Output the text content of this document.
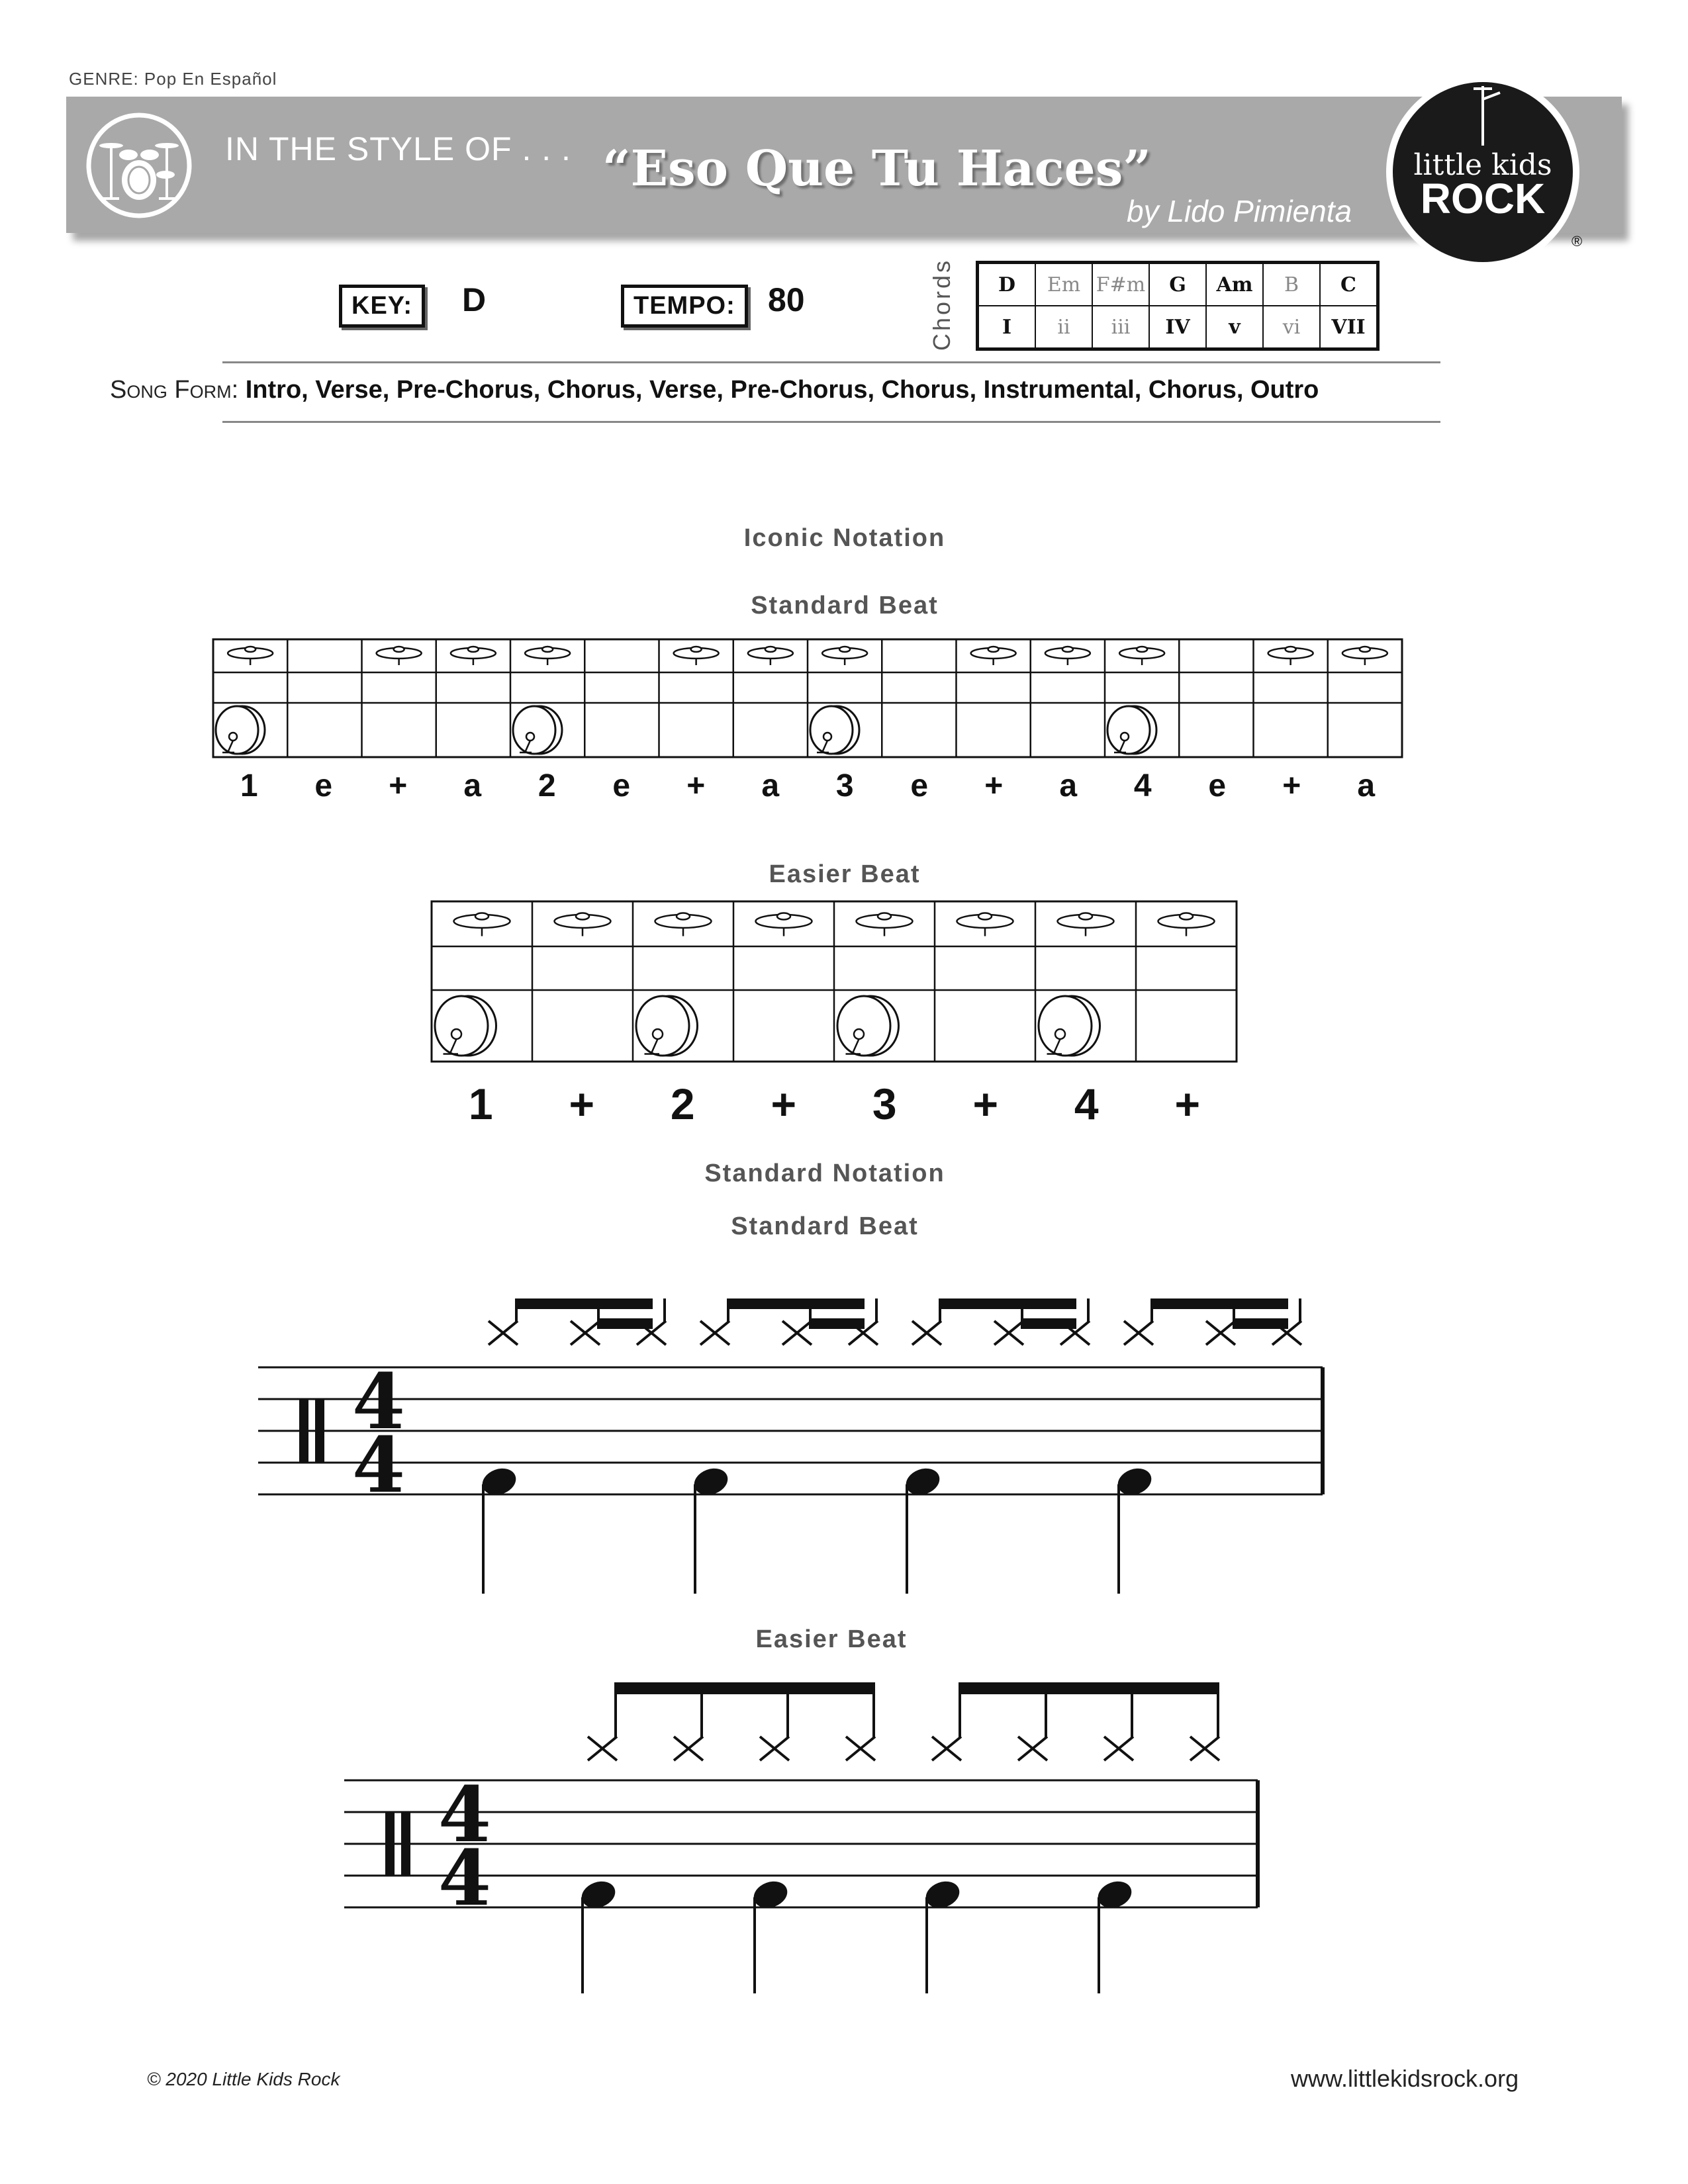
GENRE: Pop En Español
IN THE STYLE OF . . . “Eso Que Tu Haces”
by Lido Pimienta
little kids
ROCK
®
KEY:	D	TEMPO: 80	Chords D	Em	F#m	G	Am	B	C
I	ii	iii	IV	v	vi	VII
Song Form: Intro, Verse, Pre-Chorus, Chorus, Verse, Pre-Chorus, Chorus, Instrumental, Chorus, Outro
Iconic Notation
Standard Beat
Easier Beat
Standard Notation
Standard Beat
Easier Beat
1	e	+	a	2	e	+	a	3	e	+	a	4	e	+	a
1	+	2	+	3	+	4	+
4
4
4
4
© 2020 Little Kids Rock	www.littlekidsrock.org
